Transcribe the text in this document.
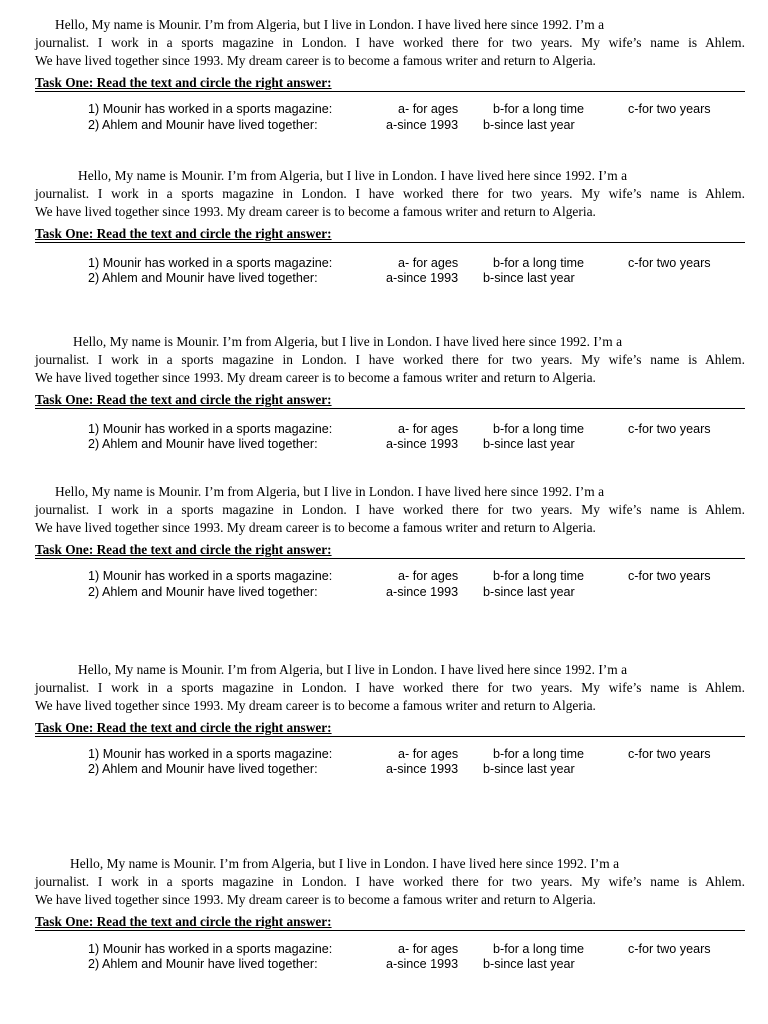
Hello, My name is Mounir. I’m from Algeria, but I live in London. I have lived here since 1992. I’m a
journalist. I work in a sports magazine in London. I have worked there for two years. My wife’s name is Ahlem.
We have lived together since 1993. My dream career is to become a famous writer and return to Algeria.
Task One: Read the text and circle the right answer:
1) Mounir has worked in a sports magazine:	a- for ages	b-for a long time	c-for two years
2) Ahlem and Mounir have lived together:	a-since 1993 b-since last year
Hello, My name is Mounir. I’m from Algeria, but I live in London. I have lived here since 1992. I’m a
journalist. I work in a sports magazine in London. I have worked there for two years. My wife’s name is Ahlem.
We have lived together since 1993. My dream career is to become a famous writer and return to Algeria.
Task One: Read the text and circle the right answer:
1) Mounir has worked in a sports magazine:	a- for ages	b-for a long time	c-for two years
2) Ahlem and Mounir have lived together:	a-since 1993 b-since last year
Hello, My name is Mounir. I’m from Algeria, but I live in London. I have lived here since 1992. I’m a
journalist. I work in a sports magazine in London. I have worked there for two years. My wife’s name is Ahlem.
We have lived together since 1993. My dream career is to become a famous writer and return to Algeria.
Task One: Read the text and circle the right answer:
1) Mounir has worked in a sports magazine:	a- for ages	b-for a long time	c-for two years
2) Ahlem and Mounir have lived together:	a-since 1993 b-since last year
Hello, My name is Mounir. I’m from Algeria, but I live in London. I have lived here since 1992. I’m a
journalist. I work in a sports magazine in London. I have worked there for two years. My wife’s name is Ahlem.
We have lived together since 1993. My dream career is to become a famous writer and return to Algeria.
Task One: Read the text and circle the right answer:
1) Mounir has worked in a sports magazine:	a- for ages	b-for a long time	c-for two years
2) Ahlem and Mounir have lived together:	a-since 1993 b-since last year
Hello, My name is Mounir. I’m from Algeria, but I live in London. I have lived here since 1992. I’m a
journalist. I work in a sports magazine in London. I have worked there for two years. My wife’s name is Ahlem.
We have lived together since 1993. My dream career is to become a famous writer and return to Algeria.
Task One: Read the text and circle the right answer:
1) Mounir has worked in a sports magazine:	a- for ages	b-for a long time	c-for two years
2) Ahlem and Mounir have lived together:	a-since 1993 b-since last year
Hello, My name is Mounir. I’m from Algeria, but I live in London. I have lived here since 1992. I’m a
journalist. I work in a sports magazine in London. I have worked there for two years. My wife’s name is Ahlem.
We have lived together since 1993. My dream career is to become a famous writer and return to Algeria.
Task One: Read the text and circle the right answer:
1) Mounir has worked in a sports magazine:	a- for ages	b-for a long time	c-for two years
2) Ahlem and Mounir have lived together:	a-since 1993 b-since last year
